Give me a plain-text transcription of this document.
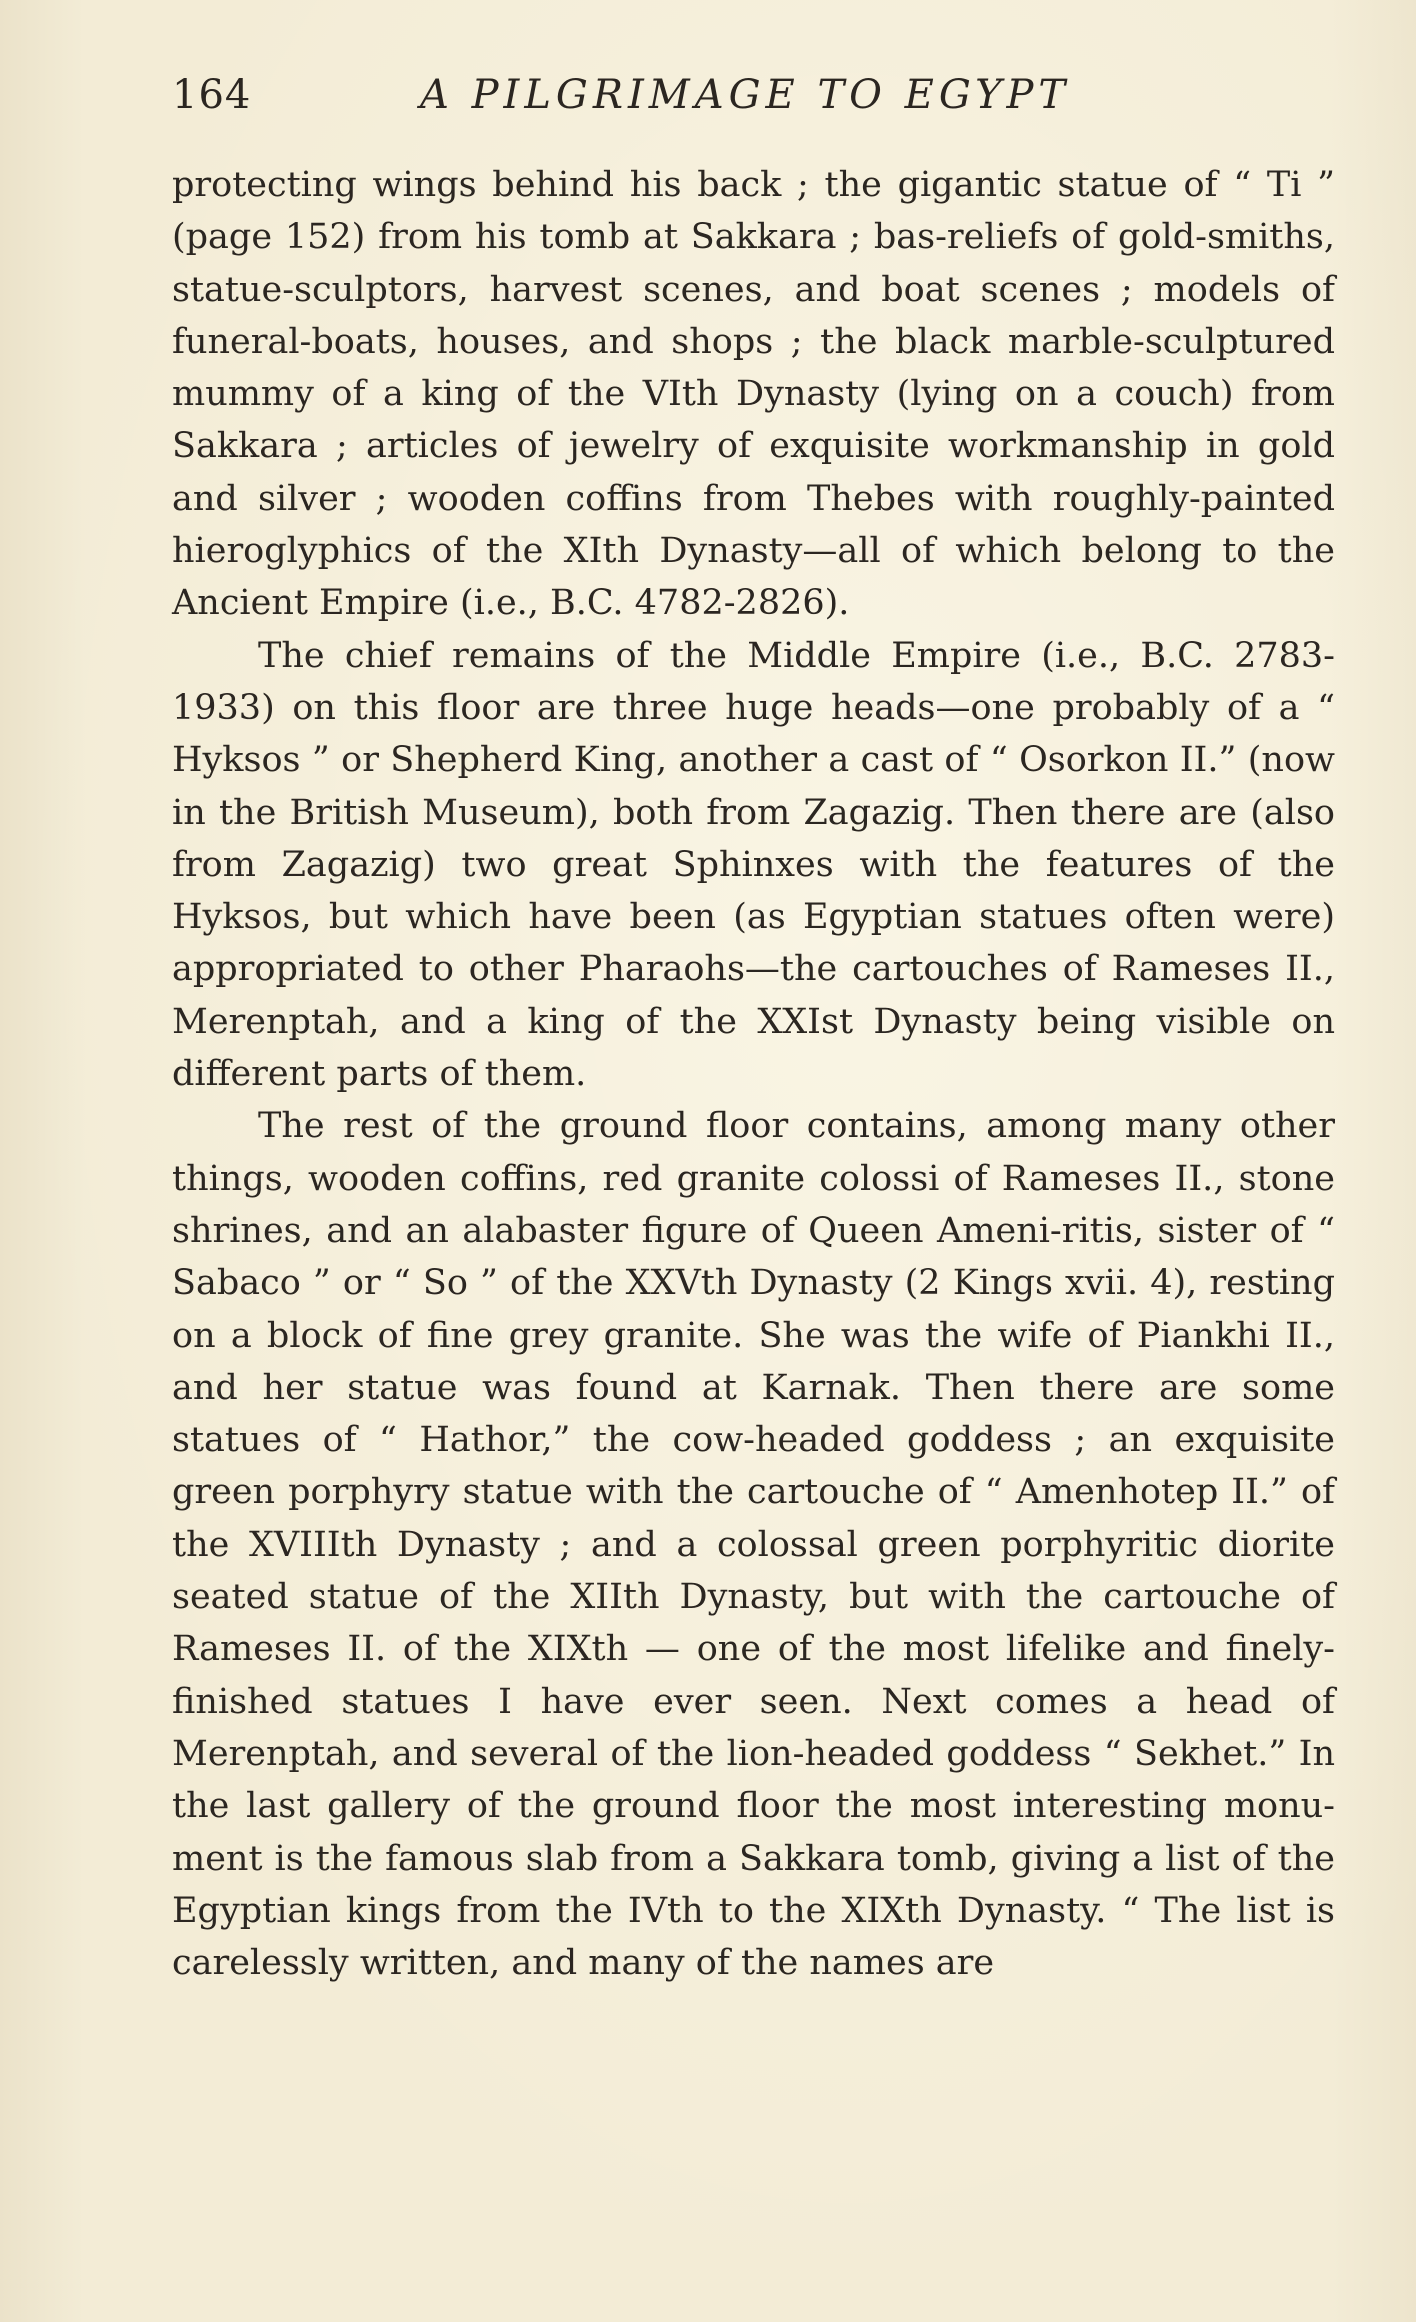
164	A PILGRIMAGE TO EGYPT

protecting wings behind his back ; the gigantic statue of “ Ti ” (page 152) from his tomb at Sakkara ; bas-reliefs of gold-smiths, statue-sculptors, harvest scenes, and boat scenes ; models of funeral-boats, houses, and shops ; the black marble-sculptured mummy of a king of the VIth Dynasty (lying on a couch) from Sakkara ; articles of jewelry of exquisite workmanship in gold and silver ; wooden coffins from Thebes with roughly-painted hieroglyphics of the XIth Dynasty—all of which belong to the Ancient Empire (i.e., B.C. 4782-2826).

The chief remains of the Middle Empire (i.e., B.C. 2783-1933) on this floor are three huge heads—one probably of a “ Hyksos ” or Shepherd King, another a cast of “ Osorkon II.” (now in the British Museum), both from Zagazig. Then there are (also from Zagazig) two great Sphinxes with the features of the Hyksos, but which have been (as Egyptian statues often were) appropriated to other Pharaohs—the cartouches of Rameses II., Merenptah, and a king of the XXIst Dynasty being visible on different parts of them.

The rest of the ground floor contains, among many other things, wooden coffins, red granite colossi of Rameses II., stone shrines, and an alabaster figure of Queen Ameni-ritis, sister of “ Sabaco ” or “ So ” of the XXVth Dynasty (2 Kings xvii. 4), resting on a block of fine grey granite. She was the wife of Piankhi II., and her statue was found at Karnak. Then there are some statues of “ Hathor,” the cow-headed goddess ; an exquisite green porphyry statue with the cartouche of “ Amenhotep II.” of the XVIIIth Dynasty ; and a colossal green porphyritic diorite seated statue of the XIIth Dynasty, but with the cartouche of Rameses II. of the XIXth — one of the most lifelike and finely-finished statues I have ever seen. Next comes a head of Merenptah, and several of the lion-headed goddess “ Sekhet.” In the last gallery of the ground floor the most interesting monu-ment is the famous slab from a Sakkara tomb, giving a list of the Egyptian kings from the IVth to the XIXth Dynasty. “ The list is carelessly written, and many of the names are
